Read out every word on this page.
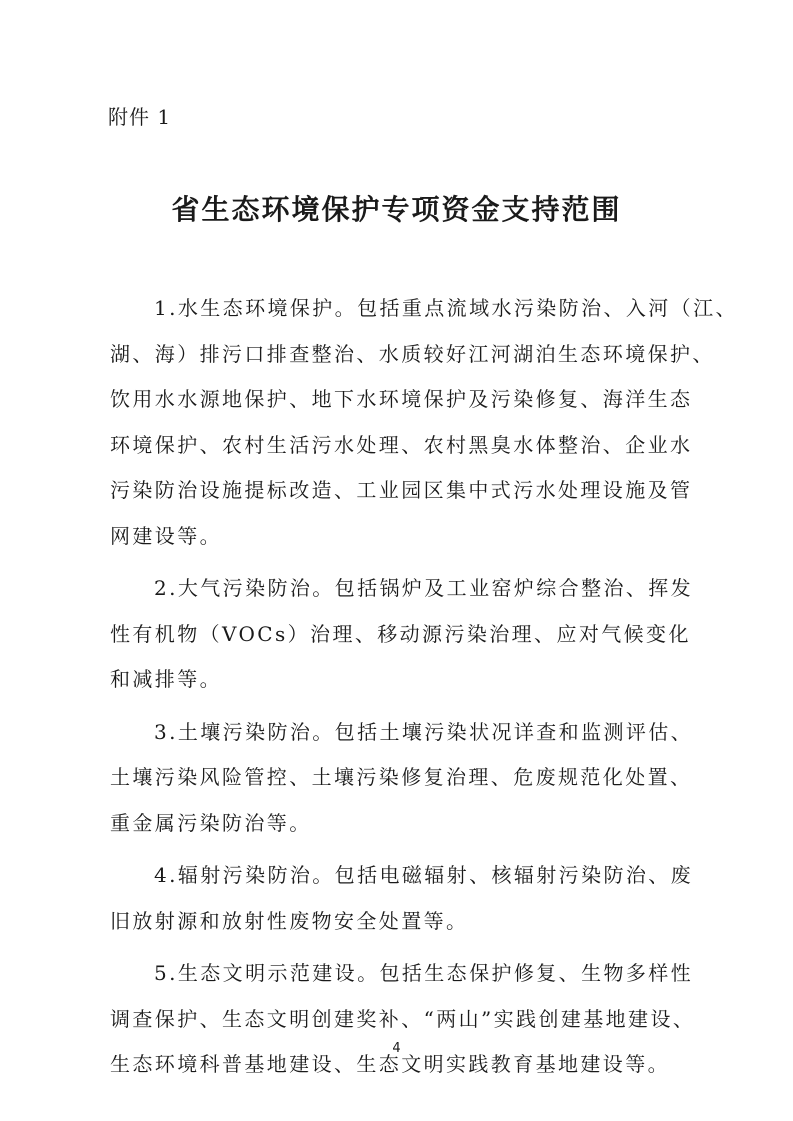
附件 1
省生态环境保护专项资金支持范围

1.水生态环境保护。包括重点流域水污染防治、入河（江、
湖、海）排污口排查整治、水质较好江河湖泊生态环境保护、
饮用水水源地保护、地下水环境保护及污染修复、海洋生态
环境保护、农村生活污水处理、农村黑臭水体整治、企业水
污染防治设施提标改造、工业园区集中式污水处理设施及管
网建设等。

2.大气污染防治。包括锅炉及工业窑炉综合整治、挥发
性有机物（VOCs）治理、移动源污染治理、应对气候变化
和减排等。

3.土壤污染防治。包括土壤污染状况详查和监测评估、
土壤污染风险管控、土壤污染修复治理、危废规范化处置、
重金属污染防治等。

4.辐射污染防治。包括电磁辐射、核辐射污染防治、废
旧放射源和放射性废物安全处置等。

5.生态文明示范建设。包括生态保护修复、生物多样性
调查保护、生态文明创建奖补、“两山”实践创建基地建设、
生态环境科普基地建设、生态文明实践教育基地建设等。

4
